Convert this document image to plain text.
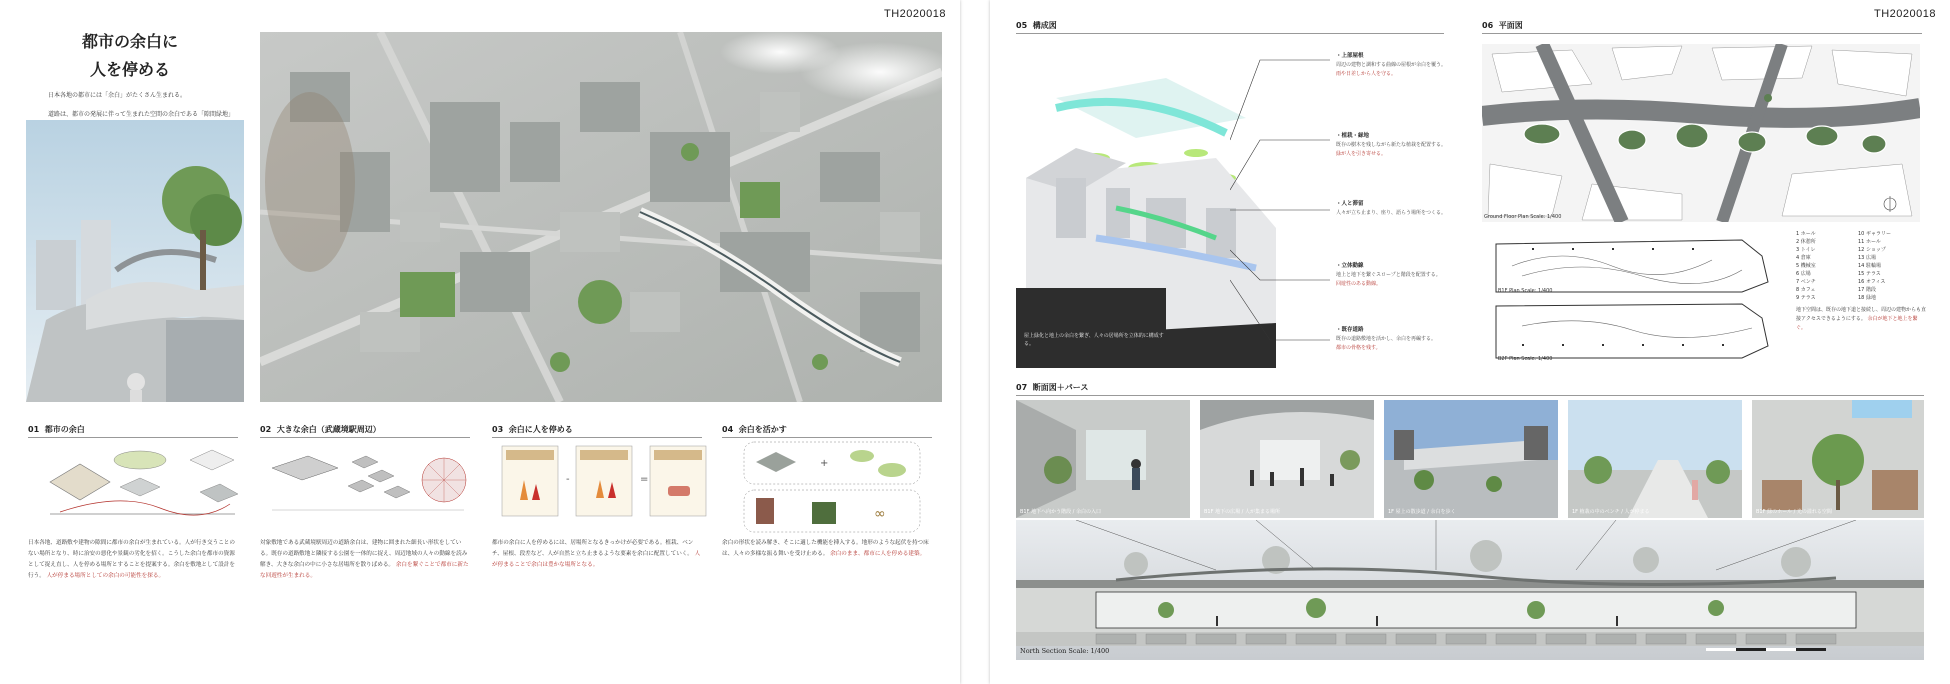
TH2020018
都市の余白に
人を停める

日本各地の都市には「余白」がたくさん生まれる。

道路は、都市の発展に伴って生まれた空間の余白である「隙間緑地」

01 都市の余白	02 大きな余白（武蔵境駅周辺）	03 余白に人を停める	04 余白を活かす
-	=
+
∞
日本各地、道路敷や建物の隙間に都市の余白が生まれている。人が行き交うことのない場所となり、時に治安の悪化や景観の劣化を招く。こうした余白を都市の資源として捉え直し、人を停める場所とすることを提案する。余白を敷地として設計を行う。 人が停まる場所としての余白の可能性を探る。
対象敷地である武蔵境駅周辺の道路余白は、建物に囲まれた細長い形状をしている。既存の道路敷地と隣接する公園を一体的に捉え、周辺地域の人々の動線を読み解き、大きな余白の中に小さな居場所を散りばめる。 余白を繋ぐことで都市に新たな回遊性が生まれる。
都市の余白に人を停めるには、居場所となるきっかけが必要である。植栽、ベンチ、屋根、段差など、人が自然と立ち止まるような要素を余白に配置していく。 人が停まることで余白は豊かな場所となる。
余白の形状を読み解き、そこに適した機能を挿入する。地形のような起伏を持つ床は、人々の多様な振る舞いを受け止める。 余白のまま、都市に人を停める建築。
TH2020018
05 構成図	06 平面図
屋上緑化と地上の余白を繋ぎ、人々の居場所を立体的に構成する。
・上部屋根
周辺の建物と調和する曲線の屋根が余白を覆う。
雨や日差しから人を守る。
・植栽・緑地
既存の樹木を残しながら新たな植栽を配置する。
緑が人を引き寄せる。
・人と滞留
人々が立ち止まり、座り、語らう場所をつくる。
・立体動線
地上と地下を繋ぐスロープと階段を配置する。
回遊性のある動線。
・既存道路
既存の道路敷地を活かし、余白を再編する。
都市の骨格を残す。
Ground Floor Plan Scale: 1/400
B1F Plan Scale: 1/400
B2F Plan Scale: 1/400
1 ホール
2 休憩所
3 トイレ
4 倉庫
5 機械室
6 広場
7 ベンチ
8 カフェ
9 テラス
10 ギャラリー
11 ホール
12 ショップ
13 広場
14 駐輪場
15 テラス
16 オフィス
17 階段
18 緑地
地下空間は、既存の地下道と接続し、周辺の建物からも直接アクセスできるようにする。 余白が地下と地上を繋ぐ。
07 断面図＋パース
B1F 地下へ向かう階段 / 余白の入口	B1F 地下の広場 / 人が集まる場所	1F 屋上の散歩道 / 余白を歩く	1F 植栽の中のベンチ / 人が停まる	B1F 緑のホール / 光の溢れる空間
North Section Scale: 1/400
